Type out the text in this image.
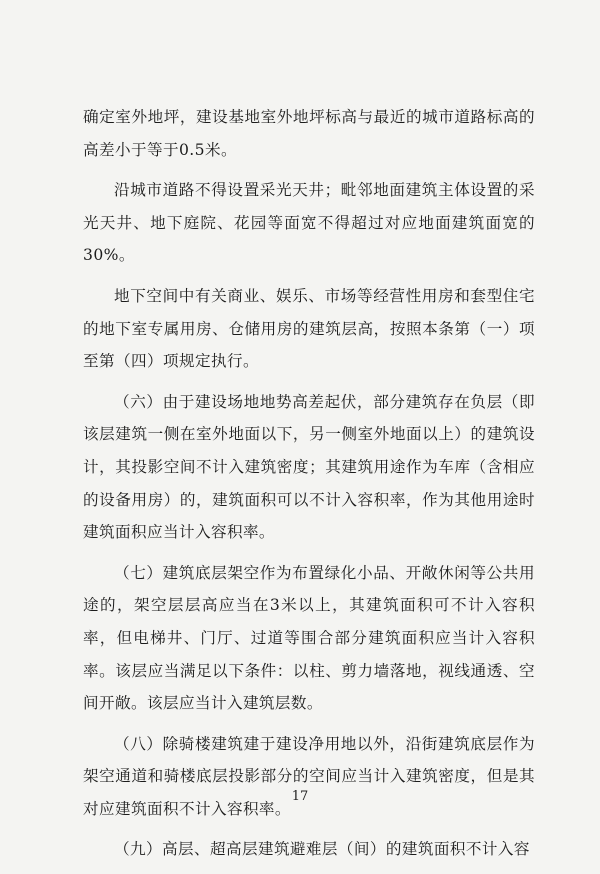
确定室外地坪，建设基地室外地坪标高与最近的城市道路标高的高差小于等于0.5米。

沿城市道路不得设置采光天井；毗邻地面建筑主体设置的采光天井、地下庭院、花园等面宽不得超过对应地面建筑面宽的30%。

地下空间中有关商业、娱乐、市场等经营性用房和套型住宅的地下室专属用房、仓储用房的建筑层高，按照本条第（一）项至第（四）项规定执行。

（六）由于建设场地地势高差起伏，部分建筑存在负层（即该层建筑一侧在室外地面以下，另一侧室外地面以上）的建筑设计，其投影空间不计入建筑密度；其建筑用途作为车库（含相应的设备用房）的，建筑面积可以不计入容积率，作为其他用途时建筑面积应当计入容积率。

（七）建筑底层架空作为布置绿化小品、开敞休闲等公共用途的，架空层层高应当在3米以上，其建筑面积可不计入容积率，但电梯井、门厅、过道等围合部分建筑面积应当计入容积率。该层应当满足以下条件：以柱、剪力墙落地，视线通透、空间开敞。该层应当计入建筑层数。

（八）除骑楼建筑建于建设净用地以外，沿街建筑底层作为架空通道和骑楼底层投影部分的空间应当计入建筑密度，但是其对应建筑面积不计入容积率。

（九）高层、超高层建筑避难层（间）的建筑面积不计入容

17
